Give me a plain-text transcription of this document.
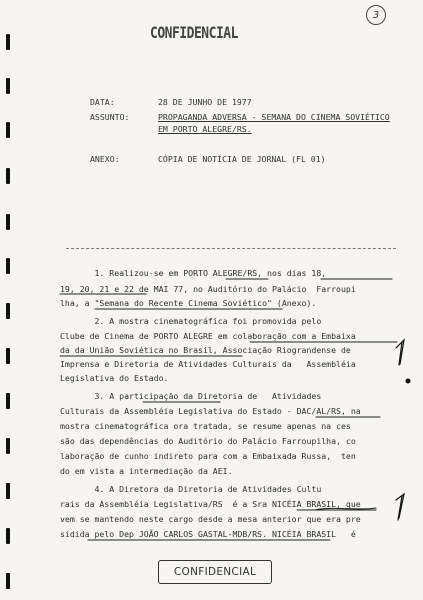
3
CONFIDENCIAL
DATA:	28 DE JUNHO DE 1977
ASSUNTO:	PROPAGANDA ADVERSA - SEMANA DO CINEMA SOVIÉTICO
EM PORTO ALEGRE/RS.
ANEXO:	CÓPIA DE NOTÍCIA DE JORNAL (FL 01)
1. Realizou-se em PORTO ALEGRE/RS, nos dias 18,
19, 20, 21 e 22 de MAI 77, no Auditório do Palácio  Farroupi
lha, a "Semana do Recente Cinema Soviético" (Anexo).
2. A mostra cinematográfica foi promovida pelo
Clube de Cinema de PORTO ALEGRE em colaboração com a Embaixa
da da União Soviética no Brasil, Associação Riograndense de
Imprensa e Diretoria de Atividades Culturais da   Assembléia
Legislativa do Estado.
3. A participação da Diretoria de   Atividades
Culturais da Assembléia Legislativa do Estado - DAC/AL/RS, na
mostra cinematográfica ora tratada, se resume apenas na ces
são das dependências do Auditório do Palácio Farroupilha, co
laboração de cunho indireto para com a Embaixada Russa,  ten
do em vista a intermediação da AEI.
4. A Diretora da Diretoria de Atividades Cultu
rais da Assembléia Legislativa/RS  é a Sra NICÉIA BRASIL, que
vem se mantendo neste cargo desde a mesa anterior que era pre
sidida pelo Dep JOÃO CARLOS GASTAL-MDB/RS. NICÉIA BRASIL   é
CONFIDENCIAL
